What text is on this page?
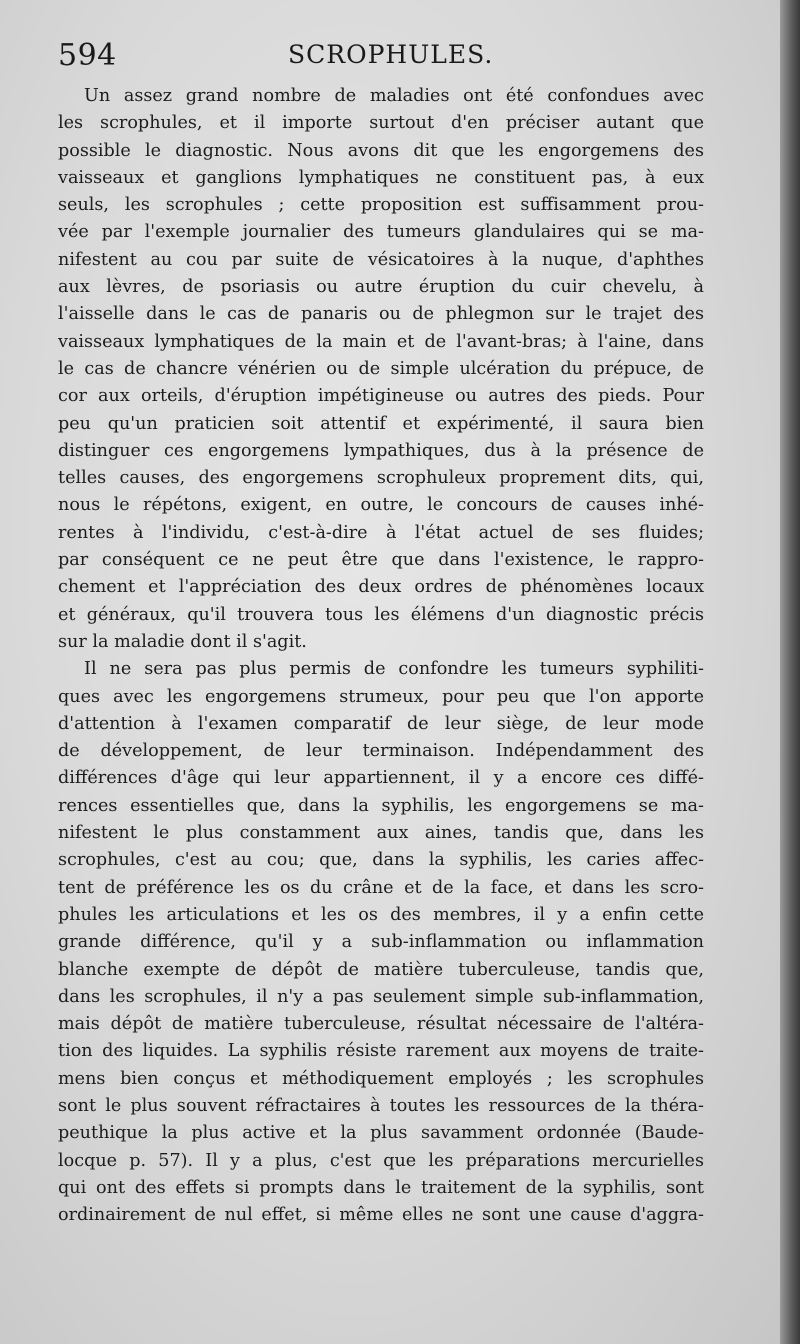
594	SCROPHULES.
Un assez grand nombre de maladies ont été confondues avec
les scrophules, et il importe surtout d'en préciser autant que
possible le diagnostic. Nous avons dit que les engorgemens des
vaisseaux et ganglions lymphatiques ne constituent pas, à eux
seuls, les scrophules ; cette proposition est suffisamment prou-
vée par l'exemple journalier des tumeurs glandulaires qui se ma-
nifestent au cou par suite de vésicatoires à la nuque, d'aphthes
aux lèvres, de psoriasis ou autre éruption du cuir chevelu, à
l'aisselle dans le cas de panaris ou de phlegmon sur le trajet des
vaisseaux lymphatiques de la main et de l'avant-bras; à l'aine, dans
le cas de chancre vénérien ou de simple ulcération du prépuce, de
cor aux orteils, d'éruption impétigineuse ou autres des pieds. Pour
peu qu'un praticien soit attentif et expérimenté, il saura bien
distinguer ces engorgemens lympathiques, dus à la présence de
telles causes, des engorgemens scrophuleux proprement dits, qui,
nous le répétons, exigent, en outre, le concours de causes inhé-
rentes à l'individu, c'est-à-dire à l'état actuel de ses fluides;
par conséquent ce ne peut être que dans l'existence, le rappro-
chement et l'appréciation des deux ordres de phénomènes locaux
et généraux, qu'il trouvera tous les élémens d'un diagnostic précis
sur la maladie dont il s'agit.
Il ne sera pas plus permis de confondre les tumeurs syphiliti-
ques avec les engorgemens strumeux, pour peu que l'on apporte
d'attention à l'examen comparatif de leur siège, de leur mode
de développement, de leur terminaison. Indépendamment des
différences d'âge qui leur appartiennent, il y a encore ces diffé-
rences essentielles que, dans la syphilis, les engorgemens se ma-
nifestent le plus constamment aux aines, tandis que, dans les
scrophules, c'est au cou; que, dans la syphilis, les caries affec-
tent de préférence les os du crâne et de la face, et dans les scro-
phules les articulations et les os des membres, il y a enfin cette
grande différence, qu'il y a sub-inflammation ou inflammation
blanche exempte de dépôt de matière tuberculeuse, tandis que,
dans les scrophules, il n'y a pas seulement simple sub-inflammation,
mais dépôt de matière tuberculeuse, résultat nécessaire de l'altéra-
tion des liquides. La syphilis résiste rarement aux moyens de traite-
mens bien conçus et méthodiquement employés ; les scrophules
sont le plus souvent réfractaires à toutes les ressources de la théra-
peuthique la plus active et la plus savamment ordonnée (Baude-
locque p. 57). Il y a plus, c'est que les préparations mercurielles
qui ont des effets si prompts dans le traitement de la syphilis, sont
ordinairement de nul effet, si même elles ne sont une cause d'aggra-
